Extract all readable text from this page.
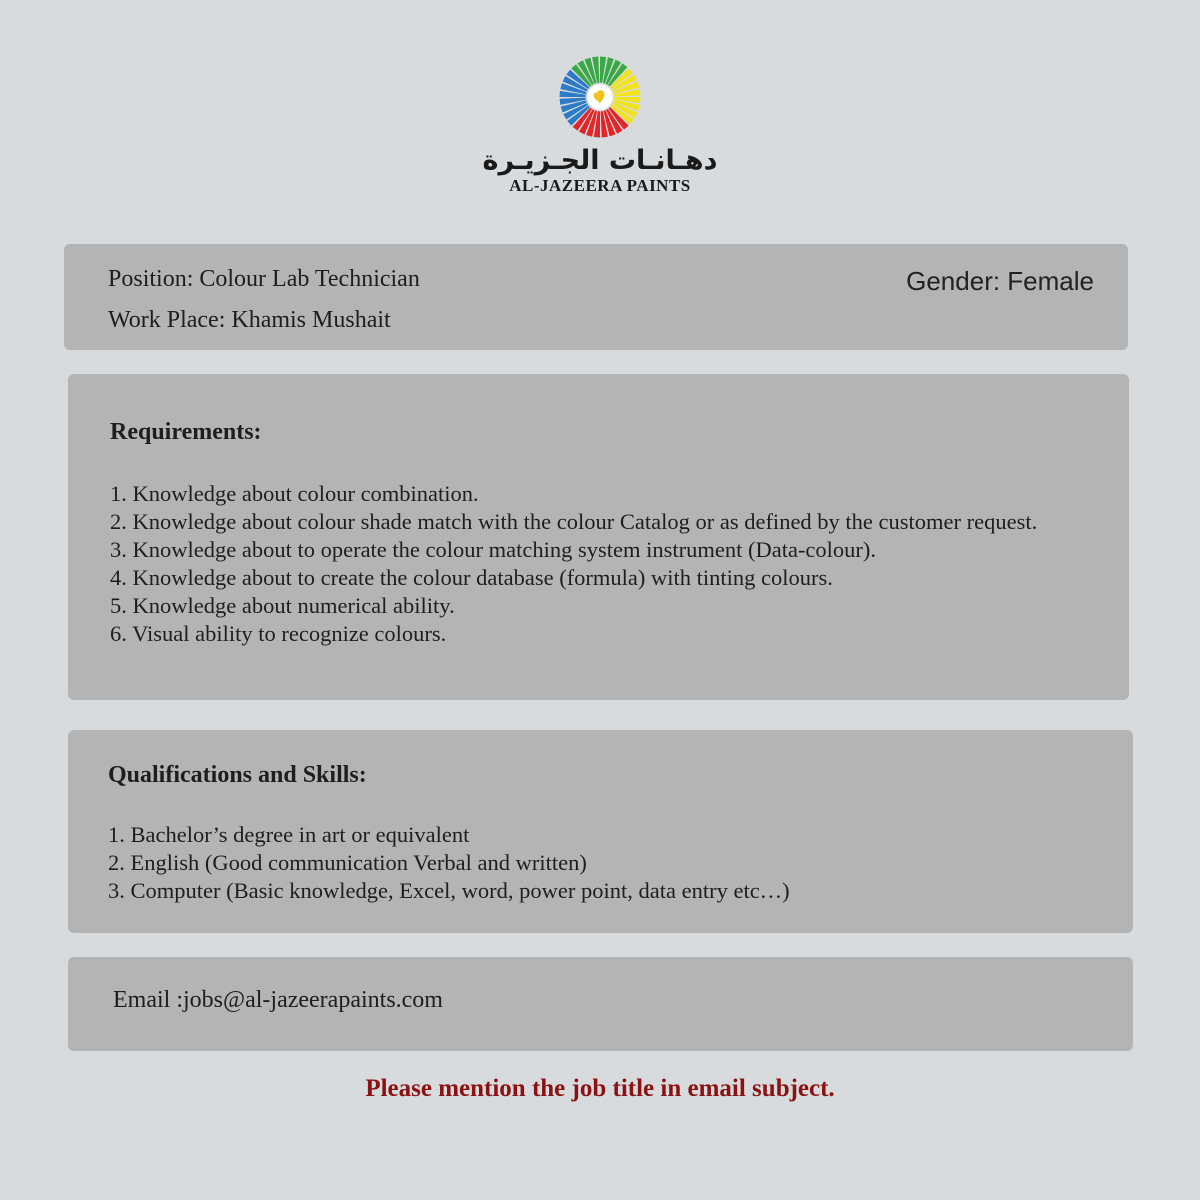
دهـانـات الجـزيـرة
AL-JAZEERA PAINTS
Position: Colour Lab Technician
Work Place: Khamis Mushait
Gender: Female
Requirements:
1. Knowledge about colour combination.
2. Knowledge about colour shade match with the colour Catalog or as defined by the customer request.
3. Knowledge about to operate the colour matching system instrument (Data-colour).
4. Knowledge about to create the colour database (formula) with tinting colours.
5. Knowledge about numerical ability.
6. Visual ability to recognize colours.
Qualifications and Skills:
1. Bachelor’s degree in art or equivalent
2. English (Good communication Verbal and written)
3. Computer (Basic knowledge, Excel, word, power point, data entry etc…)
Email :jobs@al-jazeerapaints.com
Please mention the job title in email subject.
